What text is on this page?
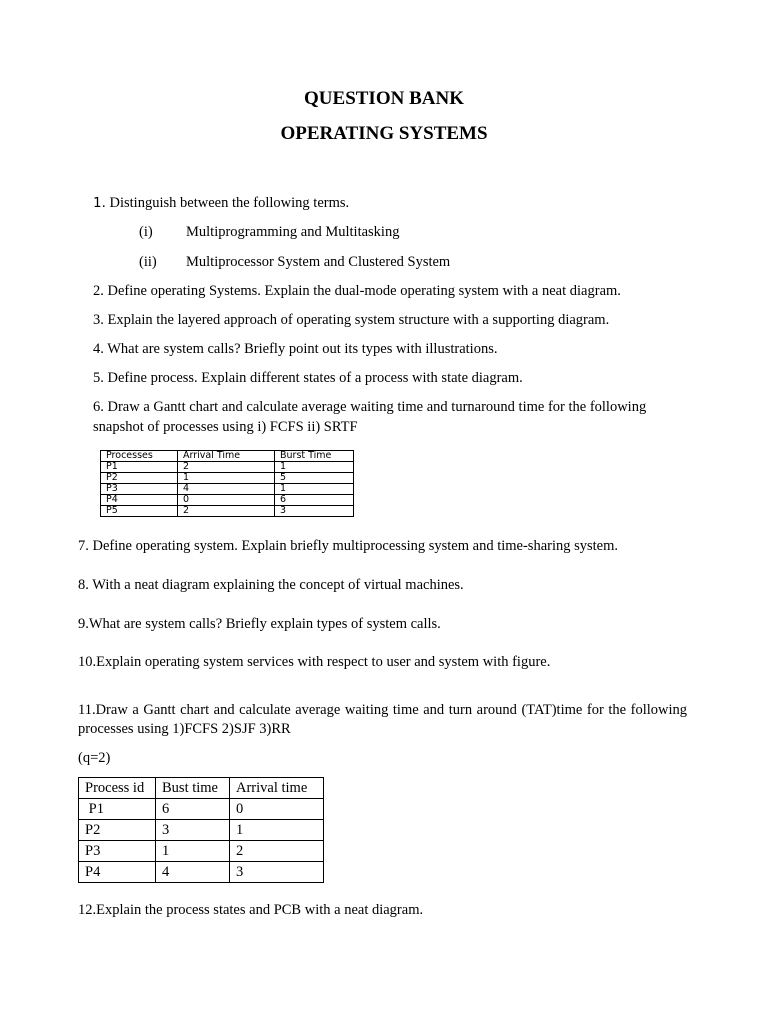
QUESTION BANK
OPERATING SYSTEMS
1. Distinguish between the following terms.
(i) Multiprogramming and Multitasking
(ii) Multiprocessor System and Clustered System
2. Define operating Systems. Explain the dual-mode operating system with a neat diagram.
3. Explain the layered approach of operating system structure with a supporting diagram.
4. What are system calls? Briefly point out its types with illustrations.
5. Define process. Explain different states of a process with state diagram.
6. Draw a Gantt chart and calculate average waiting time and turnaround time for the following snapshot of processes using i) FCFS ii) SRTF
Processes	Arrival Time	Burst Time
P1	2	1
P2	1	5
P3	4	1
P4	0	6
P5	2	3
7. Define operating system. Explain briefly multiprocessing system and time-sharing system.
8. With a neat diagram explaining the concept of virtual machines.
9.What are system calls? Briefly explain types of system calls.
10.Explain operating system services with respect to user and system with figure.
11.Draw a Gantt chart and calculate average waiting time and turn around (TAT)time for the following processes using 1)FCFS 2)SJF 3)RR
(q=2)
Process id	Bust time	Arrival time
P1	6	0
P2	3	1
P3	1	2
P4	4	3
12.Explain the process states and PCB with a neat diagram.
